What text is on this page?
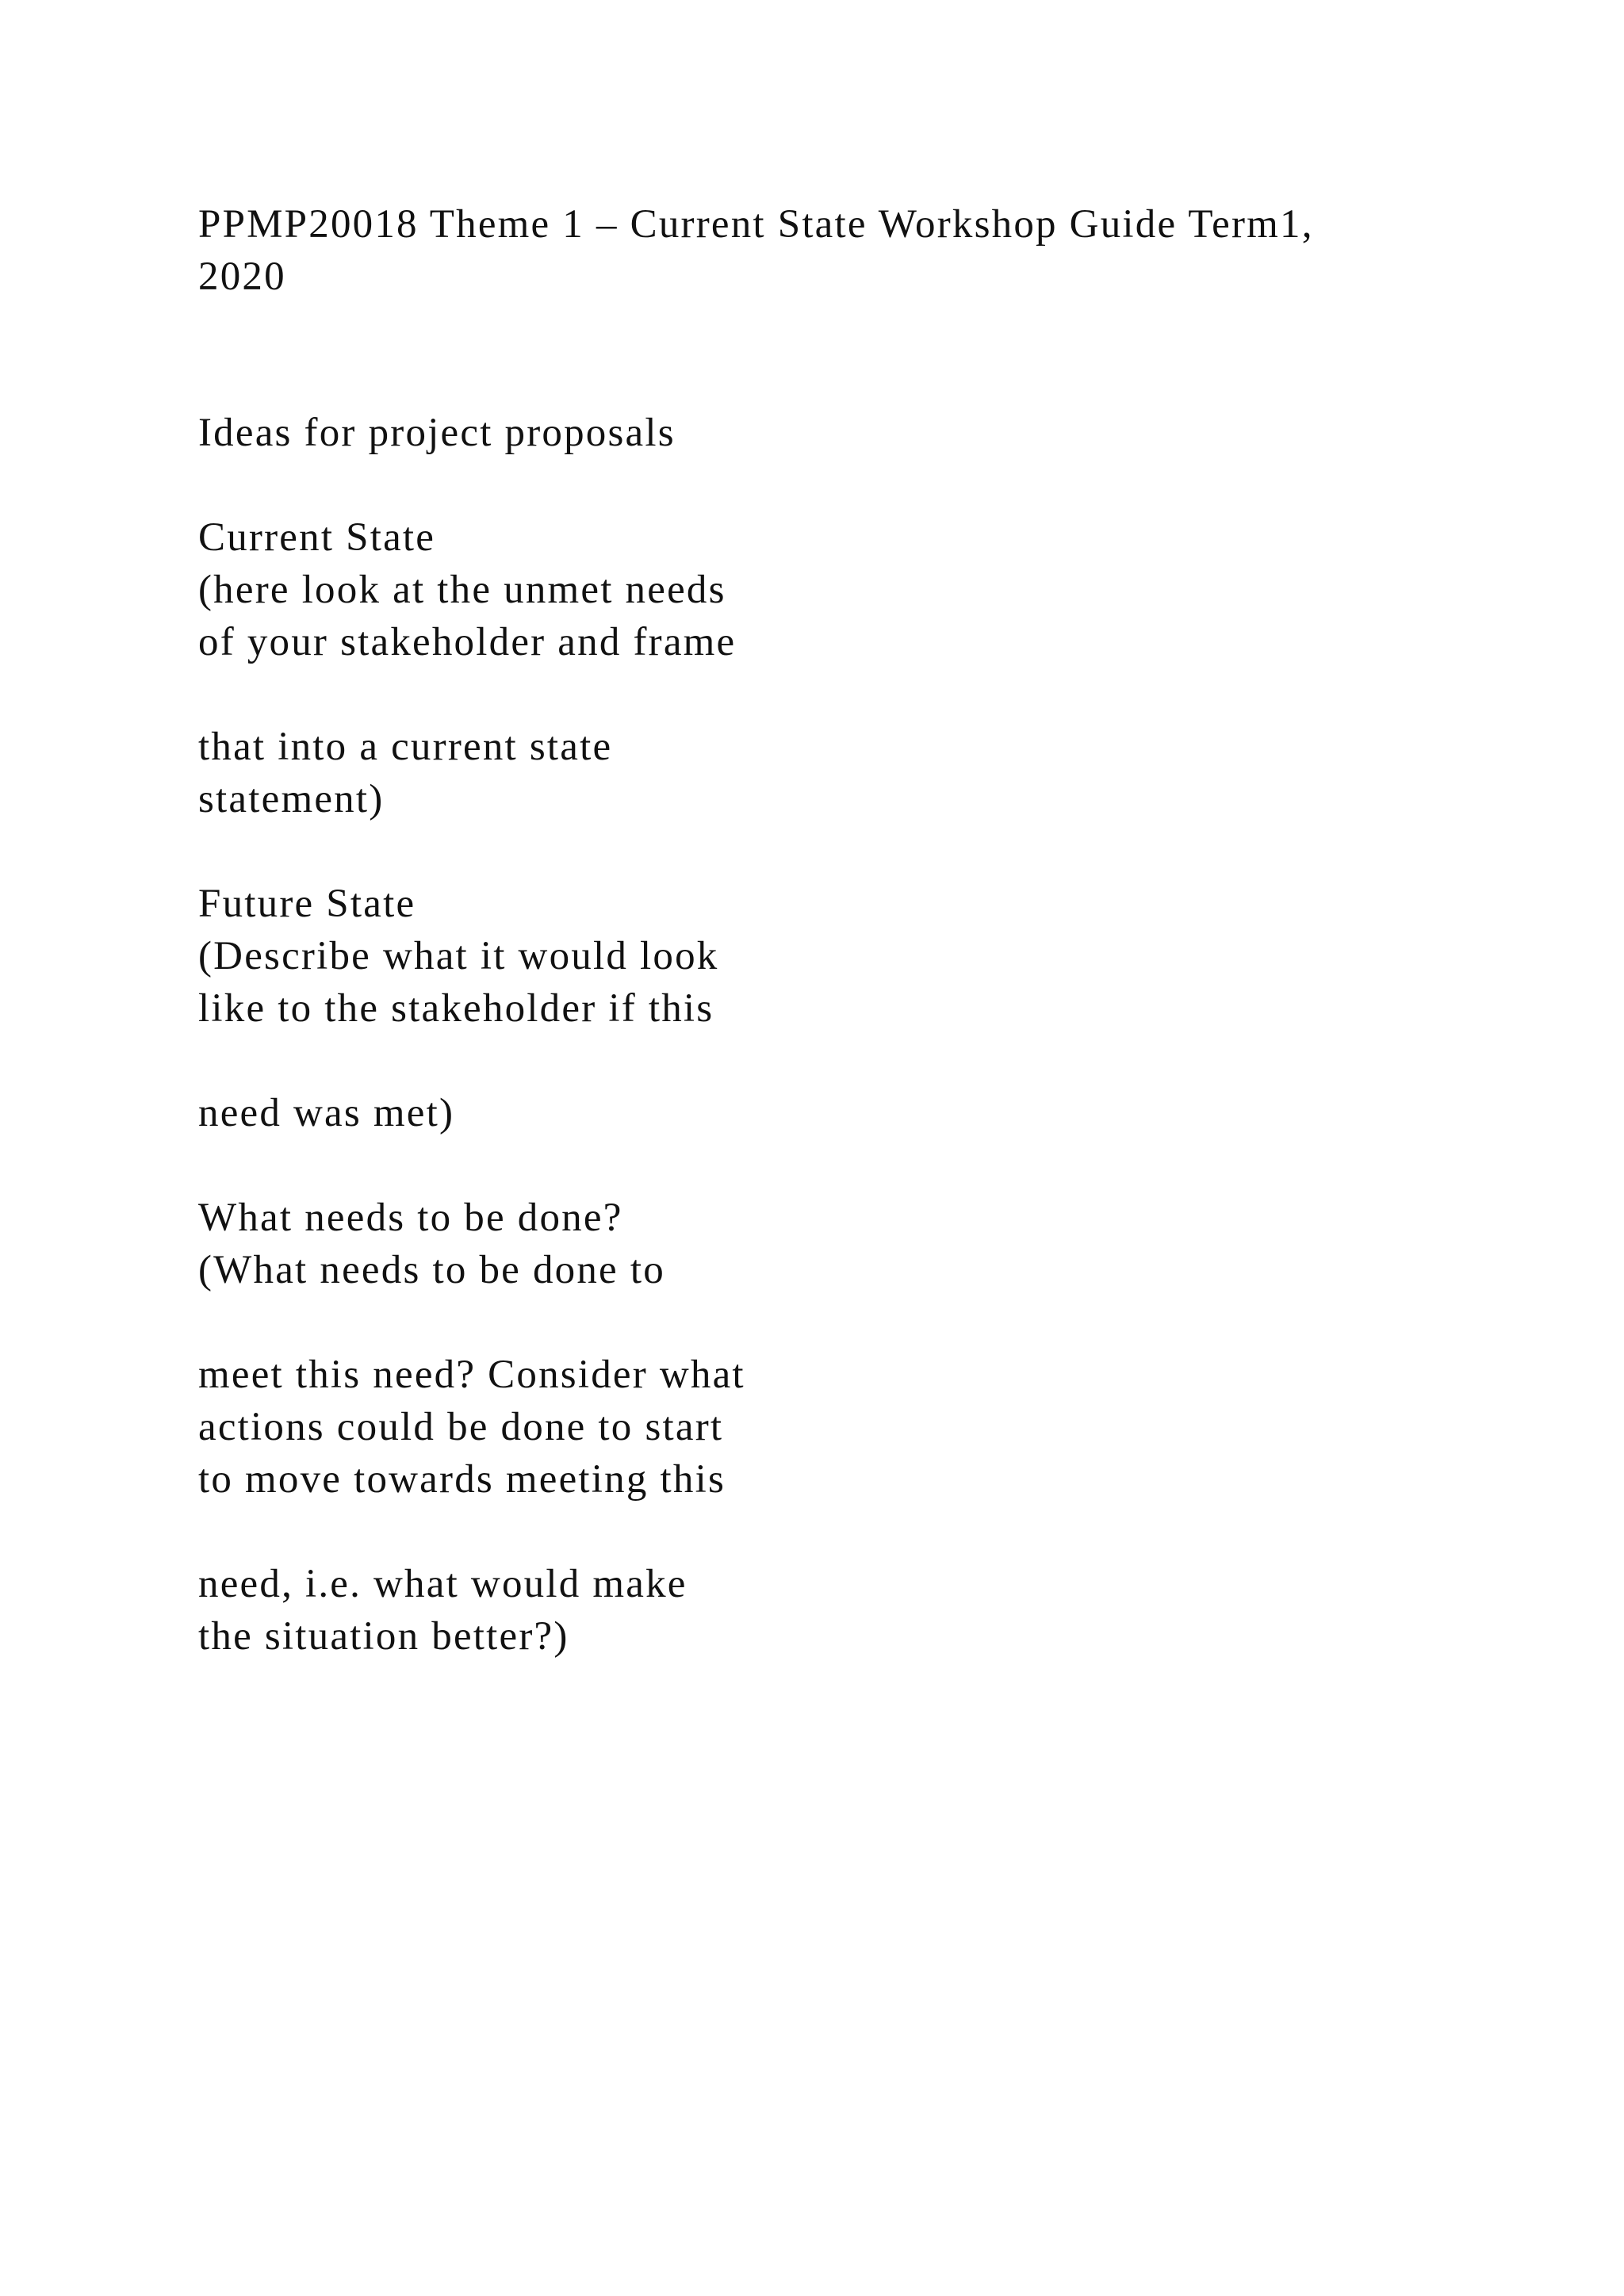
PPMP20018 Theme 1 – Current State Workshop Guide Term1,
2020
Ideas for project proposals
Current State
(here look at the unmet needs
of your stakeholder and frame
that into a current state
statement)
Future State
(Describe what it would look
like to the stakeholder if this
need was met)
What needs to be done?
(What needs to be done to
meet this need? Consider what
actions could be done to start
to move towards meeting this
need, i.e. what would make
the situation better?)
